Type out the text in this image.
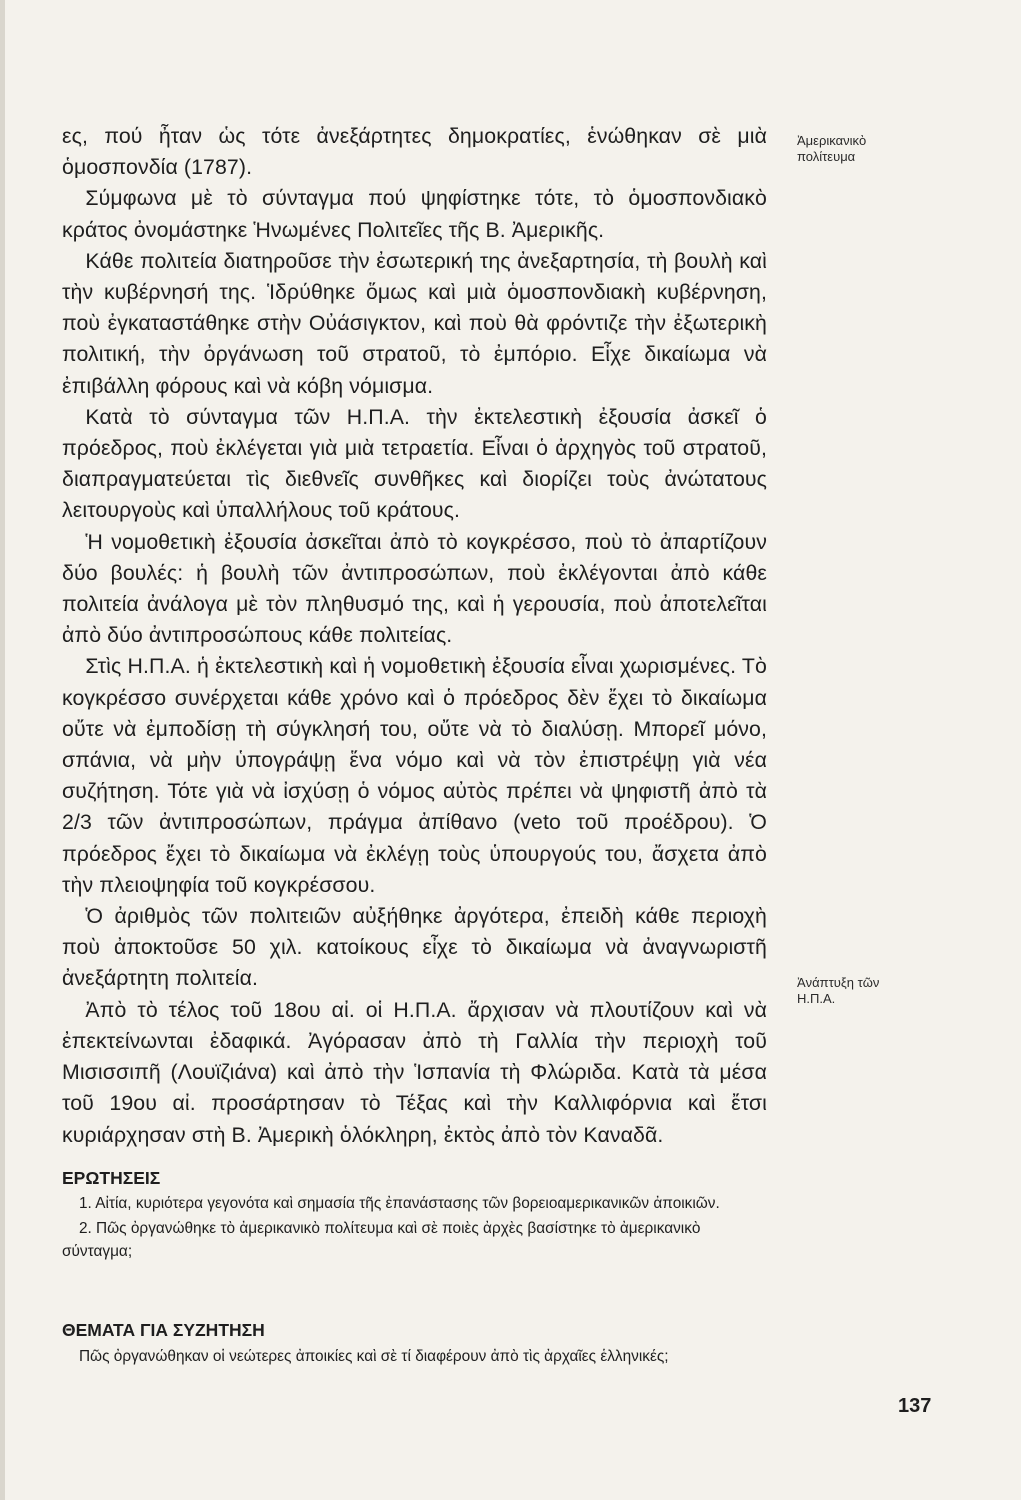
ες, πού ἦταν ὡς τότε ἀνεξάρτητες δημοκρατίες, ἑνώθηκαν σὲ μιὰ ὁμοσπονδία (1787).

Σύμφωνα μὲ τὸ σύνταγμα πού ψηφίστηκε τότε, τὸ ὁμοσπονδιακὸ κράτος ὀνομάστηκε Ἡνωμένες Πολιτεῖες τῆς Β. Ἀμερικῆς.

Κάθε πολιτεία διατηροῦσε τὴν ἐσωτερική της ἀνεξαρτησία, τὴ βουλὴ καὶ τὴν κυβέρνησή της. Ἱδρύθηκε ὅμως καὶ μιὰ ὁμοσπονδιακὴ κυβέρνηση, ποὺ ἐγκαταστάθηκε στὴν Οὐάσιγκτον, καὶ ποὺ θὰ φρόντιζε τὴν ἐξωτερικὴ πολιτική, τὴν ὀργάνωση τοῦ στρατοῦ, τὸ ἐμπόριο. Εἶχε δικαίωμα νὰ ἐπιβάλλη φόρους καὶ νὰ κόβη νόμισμα.

Κατὰ τὸ σύνταγμα τῶν Η.Π.Α. τὴν ἐκτελεστικὴ ἐξουσία ἀσκεῖ ὁ πρόεδρος, ποὺ ἐκλέγεται γιὰ μιὰ τετραετία. Εἶναι ὁ ἀρχηγὸς τοῦ στρατοῦ, διαπραγματεύεται τὶς διεθνεῖς συνθῆκες καὶ διορίζει τοὺς ἀνώτατους λειτουργοὺς καὶ ὑπαλλήλους τοῦ κράτους.

Ἡ νομοθετικὴ ἐξουσία ἀσκεῖται ἀπὸ τὸ κογκρέσσο, ποὺ τὸ ἀπαρτίζουν δύο βουλές: ἡ βουλὴ τῶν ἀντιπροσώπων, ποὺ ἐκλέγονται ἀπὸ κάθε πολιτεία ἀνάλογα μὲ τὸν πληθυσμό της, καὶ ἡ γερουσία, ποὺ ἀποτελεῖται ἀπὸ δύο ἀντιπροσώπους κάθε πολιτείας.

Στὶς Η.Π.Α. ἡ ἐκτελεστικὴ καὶ ἡ νομοθετικὴ ἐξουσία εἶναι χωρισμένες. Τὸ κογκρέσσο συνέρχεται κάθε χρόνο καὶ ὁ πρόεδρος δὲν ἔχει τὸ δικαίωμα οὔτε νὰ ἐμποδίσῃ τὴ σύγκλησή του, οὔτε νὰ τὸ διαλύσῃ. Μπορεῖ μόνο, σπάνια, νὰ μὴν ὑπογράψῃ ἕνα νόμο καὶ νὰ τὸν ἐπιστρέψῃ γιὰ νέα συζήτηση. Τότε γιὰ νὰ ἰσχύσῃ ὁ νόμος αὐτὸς πρέπει νὰ ψηφιστῆ ἀπὸ τὰ 2/3 τῶν ἀντιπροσώπων, πράγμα ἀπίθανο (veto τοῦ προέδρου). Ὁ πρόεδρος ἔχει τὸ δικαίωμα νὰ ἐκλέγῃ τοὺς ὑπουργούς του, ἄσχετα ἀπὸ τὴν πλειοψηφία τοῦ κογκρέσσου.

Ὁ ἀριθμὸς τῶν πολιτειῶν αὐξήθηκε ἀργότερα, ἐπειδὴ κάθε περιοχὴ ποὺ ἀποκτοῦσε 50 χιλ. κατοίκους εἶχε τὸ δικαίωμα νὰ ἀναγνωριστῆ ἀνεξάρτητη πολιτεία.

Ἀπὸ τὸ τέλος τοῦ 18ου αἰ. οἱ Η.Π.Α. ἄρχισαν νὰ πλουτίζουν καὶ νὰ ἐπεκτείνωνται ἐδαφικά. Ἀγόρασαν ἀπὸ τὴ Γαλλία τὴν περιοχὴ τοῦ Μισισσιπῆ (Λουϊζιάνα) καὶ ἀπὸ τὴν Ἱσπανία τὴ Φλώριδα. Κατὰ τὰ μέσα τοῦ 19ου αἰ. προσάρτησαν τὸ Τέξας καὶ τὴν Καλλιφόρνια καὶ ἔτσι κυριάρχησαν στὴ Β. Ἀμερικὴ ὁλόκληρη, ἐκτὸς ἀπὸ τὸν Καναδᾶ.

Ἀμερικανικὸ
πολίτευμα
Ἀνάπτυξη τῶν
Η.Π.Α.
ΕΡΩΤΗΣΕΙΣ

1. Αἰτία, κυριότερα γεγονότα καὶ σημασία τῆς ἐπανάστασης τῶν βορειοαμερικανικῶν ἀποικιῶν.

2. Πῶς ὀργανώθηκε τὸ ἀμερικανικὸ πολίτευμα καὶ σὲ ποιὲς ἀρχὲς βασίστηκε τὸ ἀμερικανικὸ σύνταγμα;

ΘΕΜΑΤΑ ΓΙΑ ΣΥΖΗΤΗΣΗ

Πῶς ὀργανώθηκαν οἱ νεώτερες ἀποικίες καὶ σὲ τί διαφέρουν ἀπὸ τὶς ἀρχαῖες ἑλληνικές;

137
